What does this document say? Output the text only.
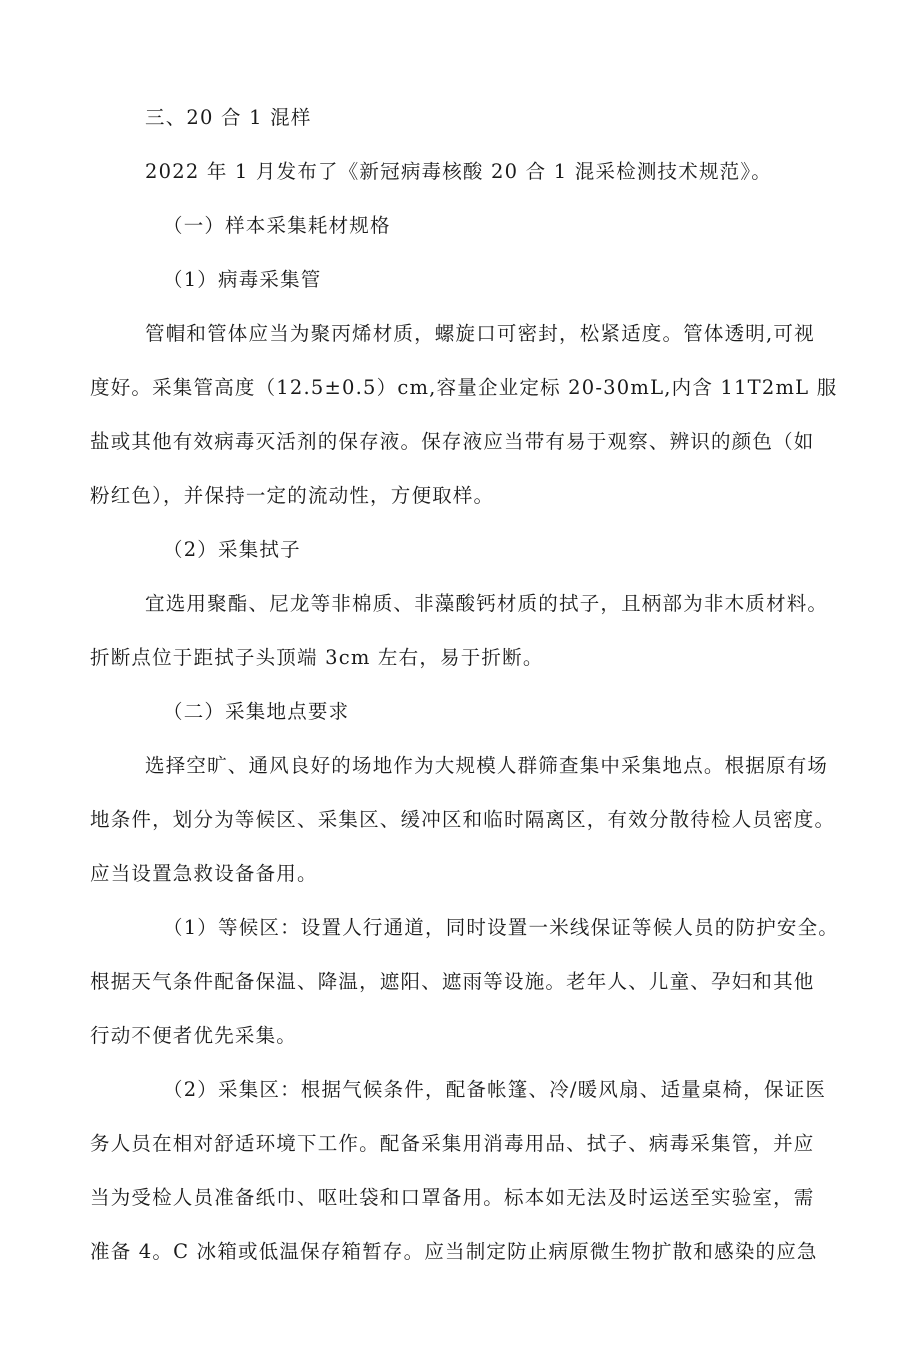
三、20 合 1 混样
2022 年 1 月发布了《新冠病毒核酸 20 合 1 混采检测技术规范》。
（一）样本采集耗材规格
（1）病毒采集管
管帽和管体应当为聚丙烯材质，螺旋口可密封，松紧适度。管体透明,可视
度好。采集管高度（12.5±0.5）cm,容量企业定标 20-30mL,内含 11T2mL 服
盐或其他有效病毒灭活剂的保存液。保存液应当带有易于观察、辨识的颜色（如
粉红色），并保持一定的流动性，方便取样。
（2）采集拭子
宜选用聚酯、尼龙等非棉质、非藻酸钙材质的拭子，且柄部为非木质材料。
折断点位于距拭子头顶端 3cm 左右，易于折断。
（二）采集地点要求
选择空旷、通风良好的场地作为大规模人群筛查集中采集地点。根据原有场
地条件，划分为等候区、采集区、缓冲区和临时隔离区，有效分散待检人员密度。
应当设置急救设备备用。
（1）等候区：设置人行通道，同时设置一米线保证等候人员的防护安全。
根据天气条件配备保温、降温，遮阳、遮雨等设施。老年人、儿童、孕妇和其他
行动不便者优先采集。
（2）采集区：根据气候条件，配备帐篷、冷/暖风扇、适量桌椅，保证医
务人员在相对舒适环境下工作。配备采集用消毒用品、拭子、病毒采集管，并应
当为受检人员准备纸巾、呕吐袋和口罩备用。标本如无法及时运送至实验室，需
准备 4。C 冰箱或低温保存箱暂存。应当制定防止病原微生物扩散和感染的应急
